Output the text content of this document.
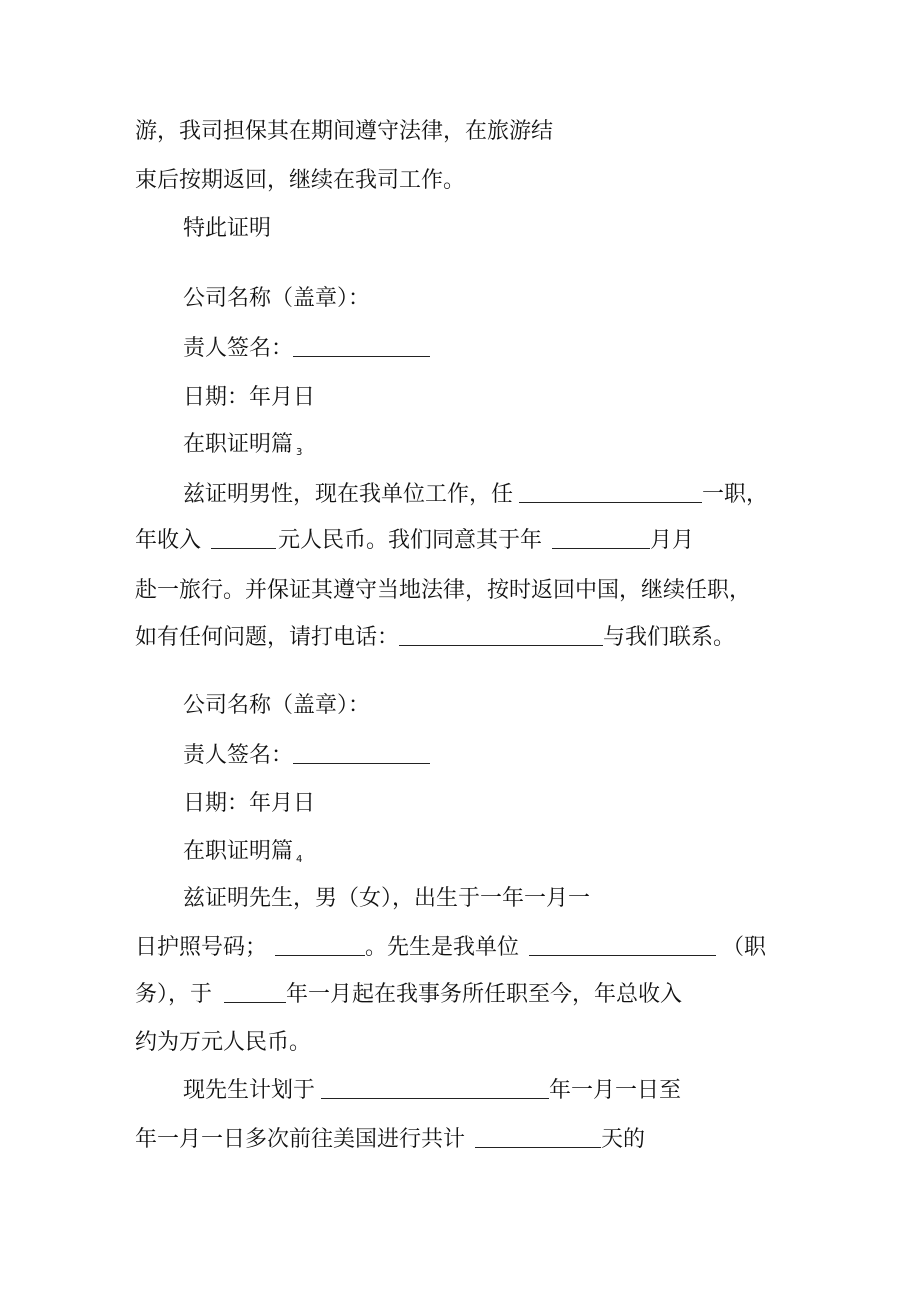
游，我司担保其在期间遵守法律，在旅游结
束后按期返回，继续在我司工作。
特此证明
公司名称（盖章）：
责人签名：
日期：年月日
在职证明篇 $_3$
兹证明男性，现在我单位工作，任	一职，
年收入	元人民币。我们同意其于年	月月
赴一旅行。并保证其遵守当地法律，按时返回中国，继续任职，
如有任何问题，请打电话：	与我们联系。
公司名称（盖章）：
责人签名：
日期：年月日
在职证明篇 $_4$
兹证明先生，男（女），出生于一年一月一
日护照号码；	。先生是我单位	（职
务），于	年一月起在我事务所任职至今，年总收入
约为万元人民币。
现先生计划于	年一月一日至
年一月一日多次前往美国进行共计	天的
